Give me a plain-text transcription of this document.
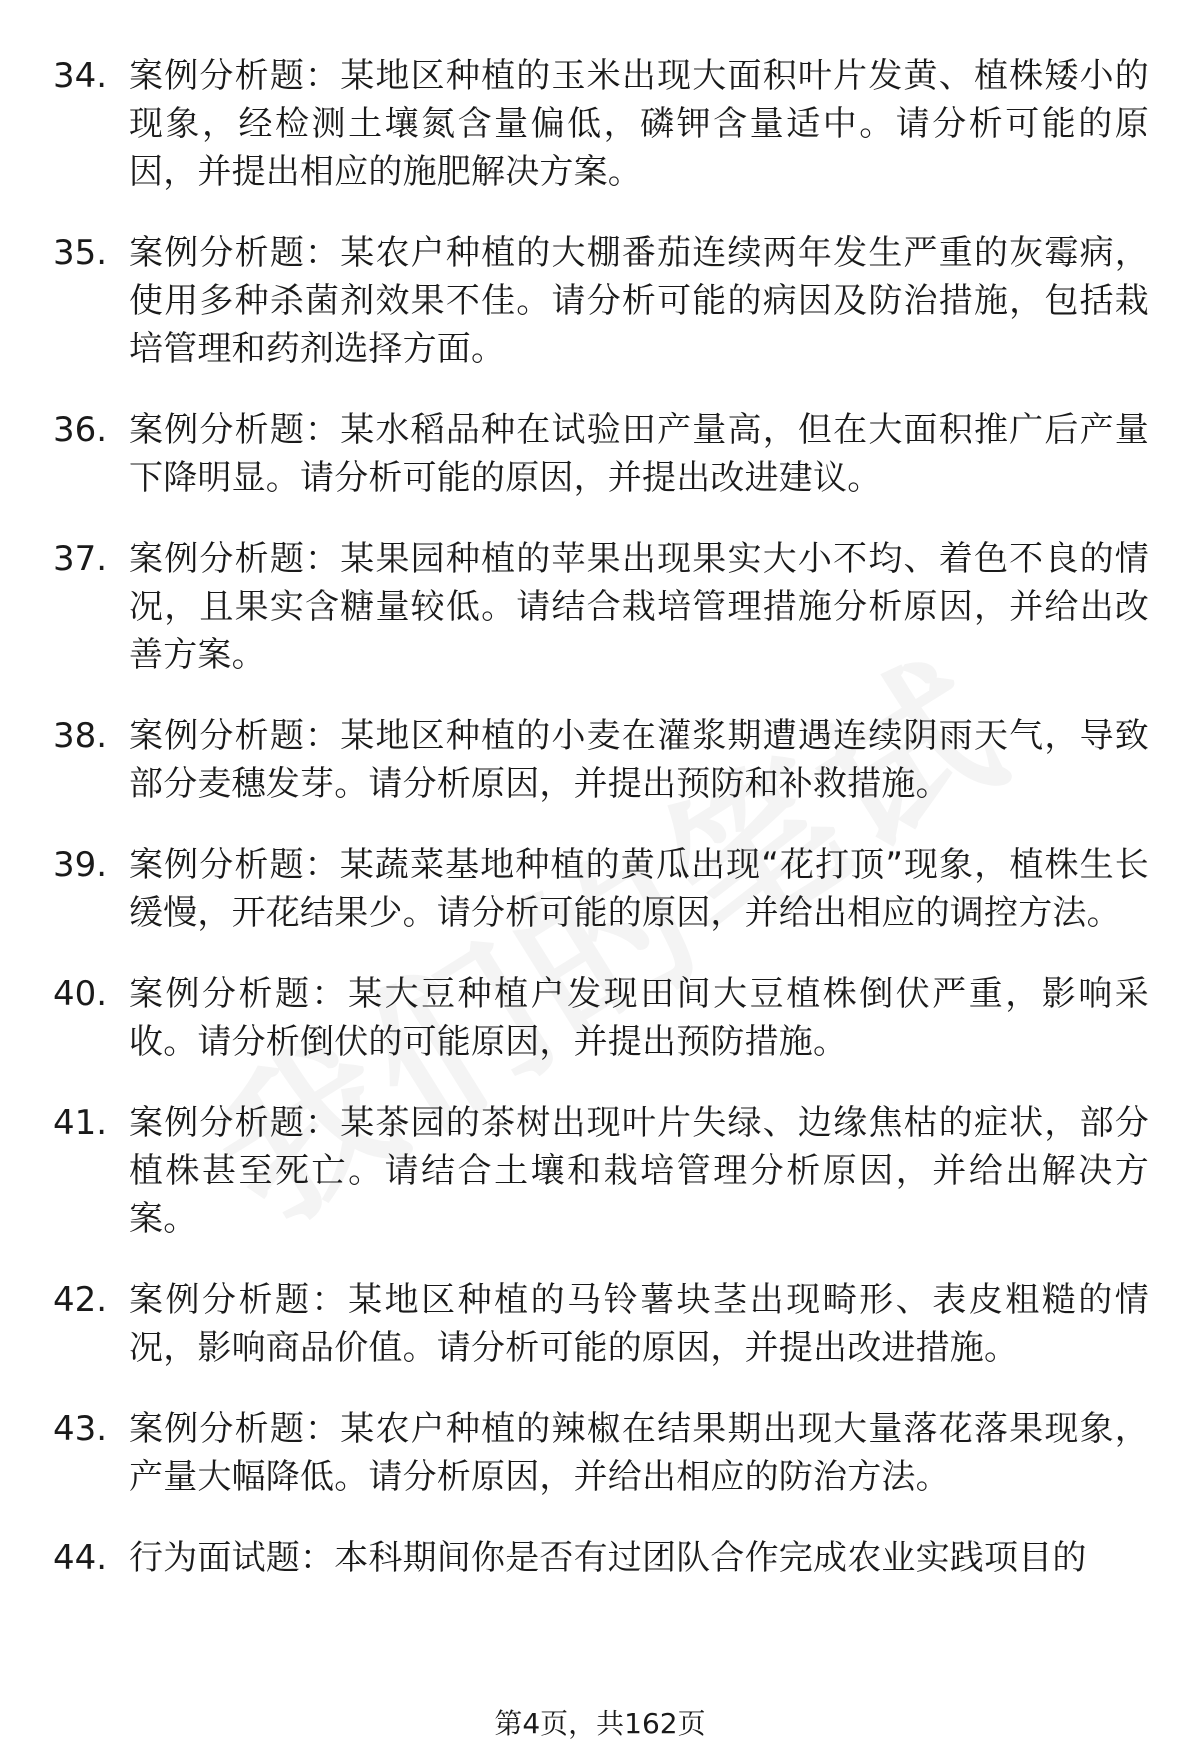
34. 案例分析题：某地区种植的玉米出现大面积叶片发黄、植株矮小的现象，经检测土壤氮含量偏低，磷钾含量适中。请分析可能的原因，并提出相应的施肥解决方案。
35. 案例分析题：某农户种植的大棚番茄连续两年发生严重的灰霉病，使用多种杀菌剂效果不佳。请分析可能的病因及防治措施，包括栽培管理和药剂选择方面。
36. 案例分析题：某水稻品种在试验田产量高，但在大面积推广后产量下降明显。请分析可能的原因，并提出改进建议。
37. 案例分析题：某果园种植的苹果出现果实大小不均、着色不良的情况，且果实含糖量较低。请结合栽培管理措施分析原因，并给出改善方案。
38. 案例分析题：某地区种植的小麦在灌浆期遭遇连续阴雨天气，导致部分麦穗发芽。请分析原因，并提出预防和补救措施。
39. 案例分析题：某蔬菜基地种植的黄瓜出现“花打顶”现象，植株生长缓慢，开花结果少。请分析可能的原因，并给出相应的调控方法。
40. 案例分析题：某大豆种植户发现田间大豆植株倒伏严重，影响采收。请分析倒伏的可能原因，并提出预防措施。
41. 案例分析题：某茶园的茶树出现叶片失绿、边缘焦枯的症状，部分植株甚至死亡。请结合土壤和栽培管理分析原因，并给出解决方案。
42. 案例分析题：某地区种植的马铃薯块茎出现畸形、表皮粗糙的情况，影响商品价值。请分析可能的原因，并提出改进措施。
43. 案例分析题：某农户种植的辣椒在结果期出现大量落花落果现象，产量大幅降低。请分析原因，并给出相应的防治方法。
44. 行为面试题：本科期间你是否有过团队合作完成农业实践项目的
第4页，共162页
